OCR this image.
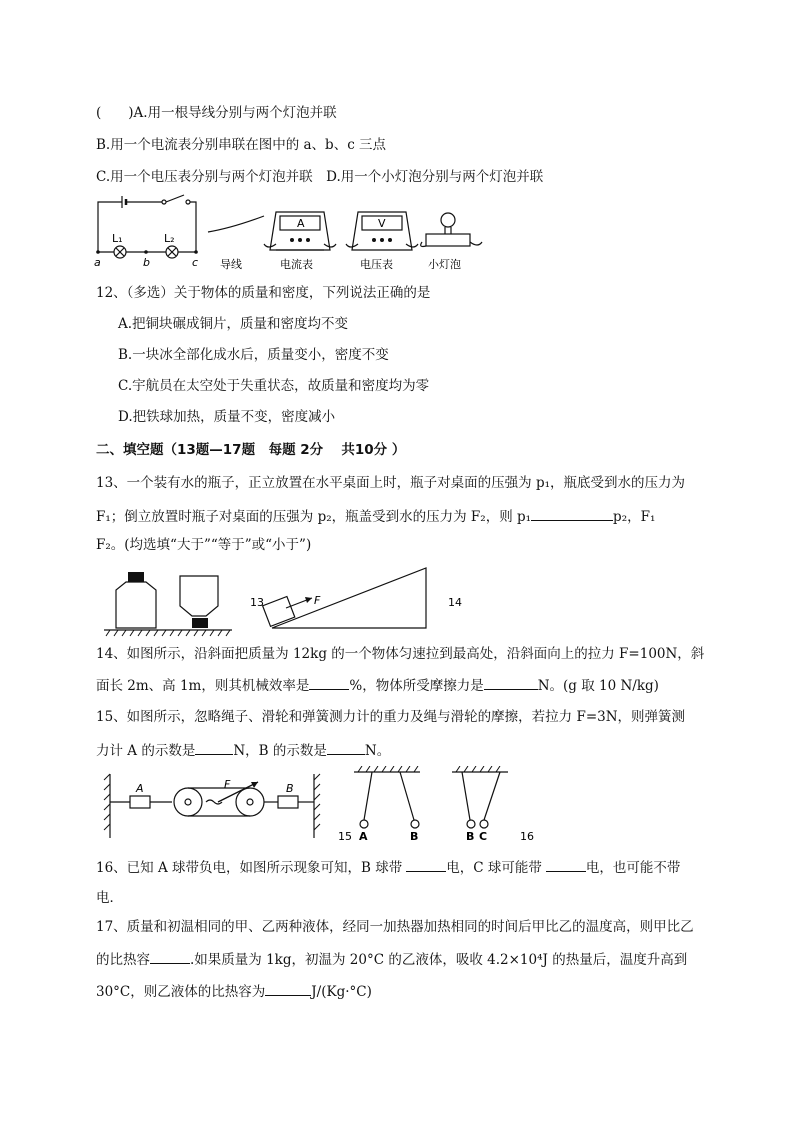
(　　)A.用一根导线分别与两个灯泡并联
B.用一个电流表分别串联在图中的 a、b、c 三点
C.用一个电压表分别与两个灯泡并联　D.用一个小灯泡分别与两个灯泡并联
L₁	L₂
a	b	c
A	V
导线	电流表	电压表	小灯泡
12、（多选）关于物体的质量和密度，下列说法正确的是
A.把铜块碾成铜片，质量和密度均不变
B.一块冰全部化成水后，质量变小，密度不变
C.宇航员在太空处于失重状态，故质量和密度均为零
D.把铁球加热，质量不变，密度减小
二、填空题（13题—17题　每题 2分　 共10分 ）
13、一个装有水的瓶子，正立放置在水平桌面上时，瓶子对桌面的压强为 p₁，瓶底受到水的压力为
F₁；倒立放置时瓶子对桌面的压强为 p₂，瓶盖受到水的压力为 F₂，则 p₁	p₂，F₁
F₂。(均选填“大于”“等于”或“小于”)
13	F	14
14、如图所示，沿斜面把质量为 12kg 的一个物体匀速拉到最高处，沿斜面向上的拉力 F=100N，斜
面长 2m、高 1m，则其机械效率是	%，物体所受摩擦力是	N。(g 取 10 N/kg)
15、如图所示，忽略绳子、滑轮和弹簧测力计的重力及绳与滑轮的摩擦，若拉力 F=3N，则弹簧测
力计 A 的示数是	N，B 的示数是	N。
A	F	B
15 A	B	B C	16
16、已知 A 球带负电，如图所示现象可知，B 球带	电，C 球可能带	电，也可能不带
电．
17、质量和初温相同的甲、乙两种液体，经同一加热器加热相同的时间后甲比乙的温度高，则甲比乙
的比热容	.如果质量为 1kg，初温为 20°C 的乙液体，吸收 4.2×10⁴J 的热量后，温度升高到
30°C，则乙液体的比热容为	J/(Kg·°C)
